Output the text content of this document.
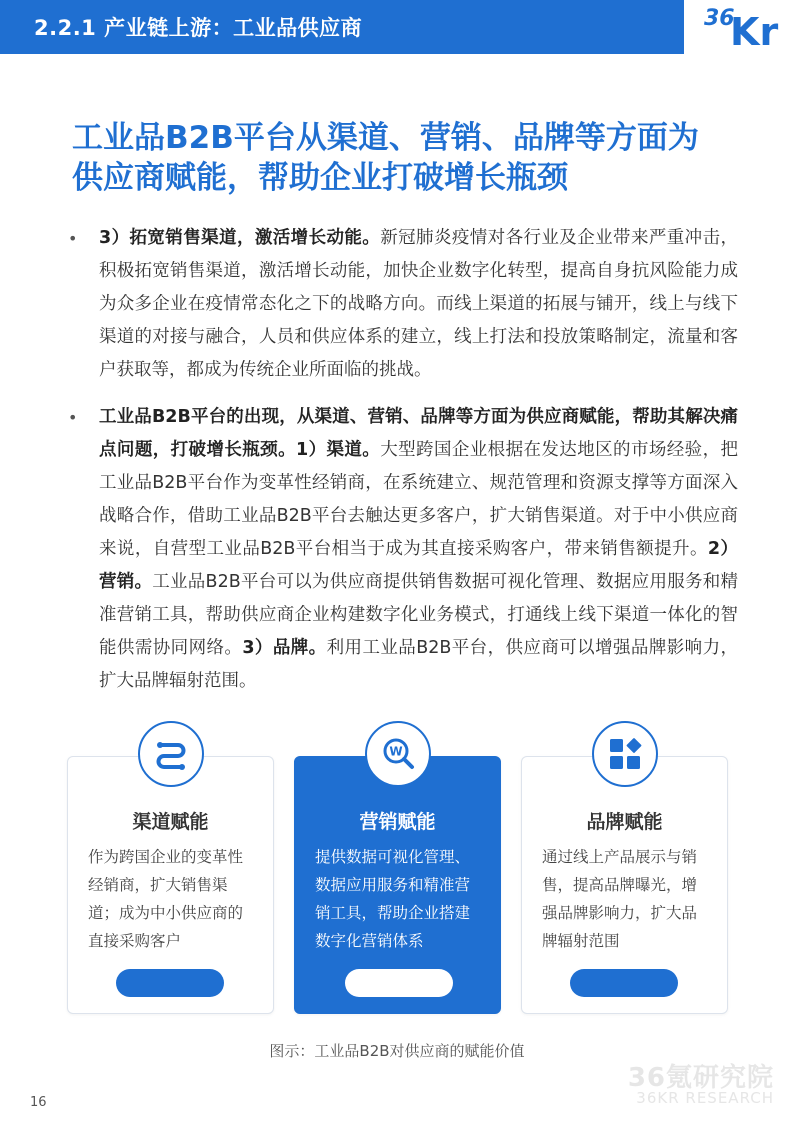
2.2.1 产业链上游：工业品供应商	36
Kr
工业品B2B平台从渠道、营销、品牌等方面为
供应商赋能，帮助企业打破增长瓶颈
• 3）拓宽销售渠道，激活增长动能。新冠肺炎疫情对各行业及企业带来严重冲击，积极拓宽销售渠道，激活增长动能，加快企业数字化转型，提高自身抗风险能力成为众多企业在疫情常态化之下的战略方向。而线上渠道的拓展与铺开，线上与线下渠道的对接与融合，人员和供应体系的建立，线上打法和投放策略制定，流量和客户获取等，都成为传统企业所面临的挑战。
• 工业品B2B平台的出现，从渠道、营销、品牌等方面为供应商赋能，帮助其解决痛点问题，打破增长瓶颈。1）渠道。大型跨国企业根据在发达地区的市场经验，把工业品B2B平台作为变革性经销商，在系统建立、规范管理和资源支撑等方面深入战略合作，借助工业品B2B平台去触达更多客户，扩大销售渠道。对于中小供应商来说，自营型工业品B2B平台相当于成为其直接采购客户，带来销售额提升。2）营销。工业品B2B平台可以为供应商提供销售数据可视化管理、数据应用服务和精准营销工具，帮助供应商企业构建数字化业务模式，打通线上线下渠道一体化的智能供需协同网络。3）品牌。利用工业品B2B平台，供应商可以增强品牌影响力，扩大品牌辐射范围。
渠道赋能
作为跨国企业的变革性经销商，扩大销售渠道；成为中小供应商的直接采购客户
W
营销赋能
提供数据可视化管理、数据应用服务和精准营销工具，帮助企业搭建数字化营销体系
品牌赋能
通过线上产品展示与销售，提高品牌曝光，增强品牌影响力，扩大品牌辐射范围
图示：工业品B2B对供应商的赋能价值
16
36氪研究院
36KR RESEARCH
